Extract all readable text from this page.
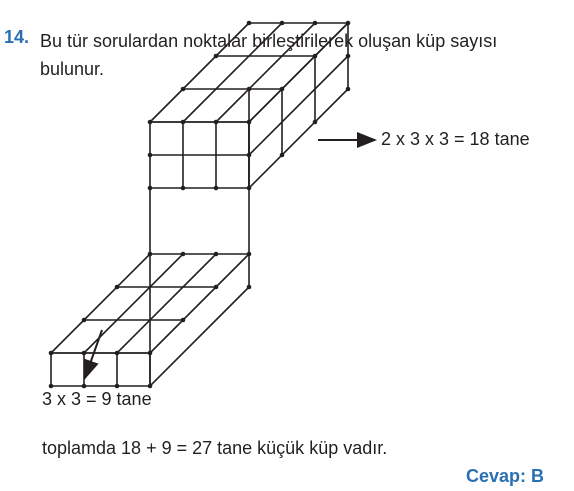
14. Bu tür sorulardan noktalar birleştirilerek oluşan küp sayısı bulunur.
2 x 3 x 3 = 18 tane
3 x 3 = 9 tane
toplamda 18 + 9 = 27 tane küçük küp vadır.
Cevap: B
